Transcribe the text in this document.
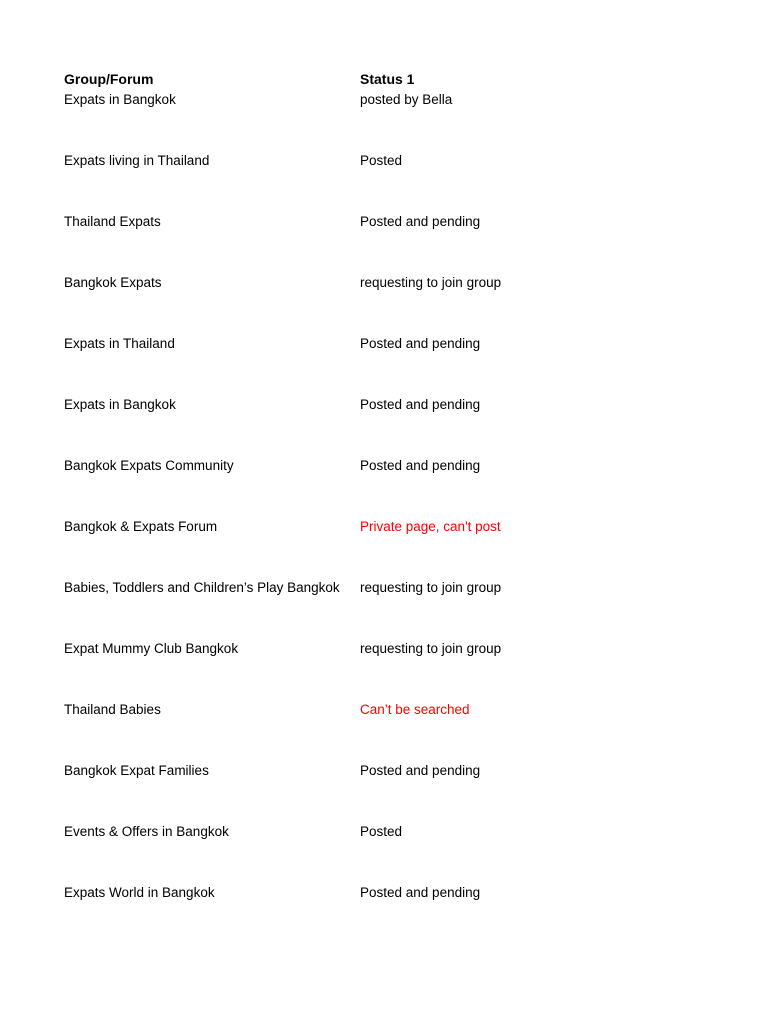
Group/Forum	Status 1
Expats in Bangkok	posted by Bella
Expats living in Thailand	Posted
Thailand Expats	Posted and pending
Bangkok Expats	requesting to join group
Expats in Thailand	Posted and pending
Expats in Bangkok	Posted and pending
Bangkok Expats Community	Posted and pending
Bangkok & Expats Forum	Private page, can't post
Babies, Toddlers and Children’s Play Bangkok	requesting to join group
Expat Mummy Club Bangkok	requesting to join group
Thailand Babies	Can’t be searched
Bangkok Expat Families	Posted and pending
Events & Offers in Bangkok	Posted
Expats World in Bangkok	Posted and pending
